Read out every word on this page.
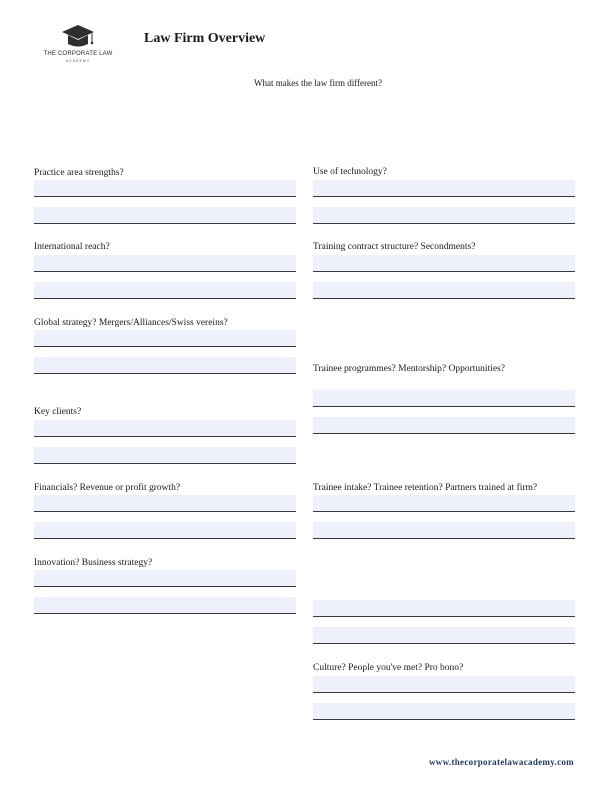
THE CORPORATE LAW
ACADEMY
Law Firm Overview
What makes the law firm different?
Practice area strengths?
International reach?
Global strategy? Mergers/Alliances/Swiss vereins?
Key clients?
Financials? Revenue or profit growth?
Innovation? Business strategy?
Use of technology?
Training contract structure? Secondments?
Trainee programmes? Mentorship? Opportunities?
Trainee intake? Trainee retention? Partners trained at firm?
Culture? People you've met? Pro bono?
www.thecorporatelawacademy.com
